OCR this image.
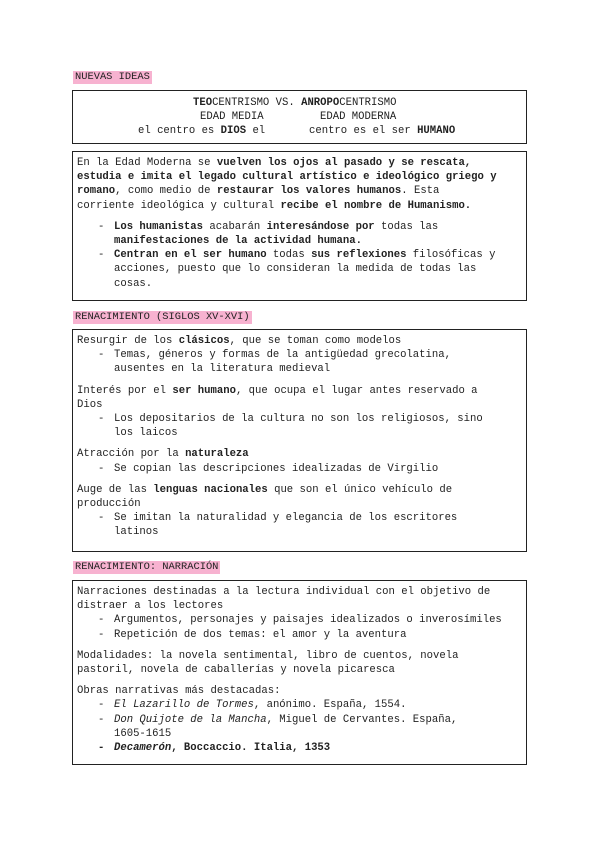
NUEVAS IDEAS
TEOCENTRISMO VS. ANROPOCENTRISMO
EDAD MEDIA	EDAD MODERNA
el centro es DIOS el	centro es el ser HUMANO
En la Edad Moderna se vuelven los ojos al pasado y se rescata,
estudia e imita el legado cultural artístico e ideológico griego y
romano, como medio de restaurar los valores humanos. Esta
corriente ideológica y cultural recibe el nombre de Humanismo.
- Los humanistas acabarán interesándose por todas las
manifestaciones de la actividad humana.
- Centran en el ser humano todas sus reflexiones filosóficas y
acciones, puesto que lo consideran la medida de todas las
cosas.
RENACIMIENTO (SIGLOS XV-XVI)
Resurgir de los clásicos, que se toman como modelos
- Temas, géneros y formas de la antigüedad grecolatina,
ausentes en la literatura medieval
Interés por el ser humano, que ocupa el lugar antes reservado a
Dios
- Los depositarios de la cultura no son los religiosos, sino
los laicos
Atracción por la naturaleza
- Se copian las descripciones idealizadas de Virgilio
Auge de las lenguas nacionales que son el único vehículo de
producción
- Se imitan la naturalidad y elegancia de los escritores
latinos
RENACIMIENTO: NARRACIÓN
Narraciones destinadas a la lectura individual con el objetivo de
distraer a los lectores
- Argumentos, personajes y paisajes idealizados o inverosímiles
- Repetición de dos temas: el amor y la aventura
Modalidades: la novela sentimental, libro de cuentos, novela
pastoril, novela de caballerías y novela picaresca
Obras narrativas más destacadas:
- El Lazarillo de Tormes, anónimo. España, 1554.
- Don Quijote de la Mancha, Miguel de Cervantes. España,
1605-1615
- Decamerón, Boccaccio. Italia, 1353
